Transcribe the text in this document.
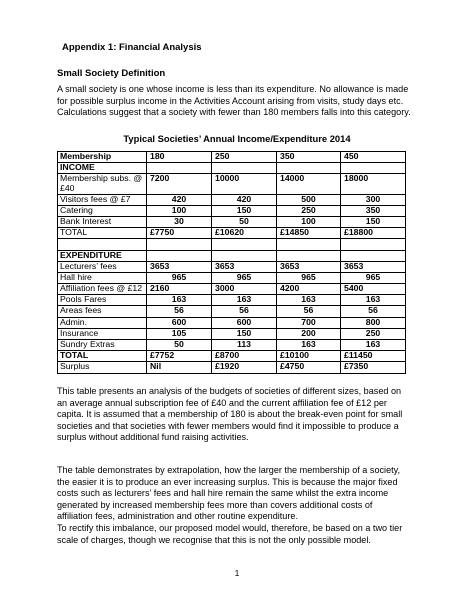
Appendix 1: Financial Analysis
Small Society Definition

A small society is one whose income is less than its expenditure. No allowance is made for possible surplus income in the Activities Account arising from visits, study days etc. Calculations suggest that a society with fewer than 180 members falls into this category.

Typical Societies’ Annual Income/Expenditure 2014
Membership	180	250	350	450
INCOME				
Membership subs. @ £40	7200	10000	14000	18000
Visitors fees @ £7	420	420	500	300
Catering	100	150	250	350
Bank Interest	30	50	100	150
TOTAL	£7750	£10620	£14850	£18800

EXPENDITURE				
Lecturers’ fees	3653	3653	3653	3653
Hall hire	965	965	965	965
Affiliation fees @ £12	2160	3000	4200	5400
Pools Fares	163	163	163	163
Areas fees	56	56	56	56
Admin.	600	600	700	800
Insurance	105	150	200	250
Sundry Extras	50	113	163	163
TOTAL	£7752	£8700	£10100	£11450
Surplus	Nil	£1920	£4750	£7350

This table presents an analysis of the budgets of societies of different sizes, based on an average annual subscription fee of £40 and the current affiliation fee of £12 per capita. It is assumed that a membership of 180 is about the break-even point for small societies and that societies with fewer members would find it impossible to produce a surplus without additional fund raising activities.

The table demonstrates by extrapolation, how the larger the membership of a society, the easier it is to produce an ever increasing surplus. This is because the major fixed costs such as lecturers’ fees and hall hire remain the same whilst the extra income generated by increased membership fees more than covers additional costs of affiliation fees, administration and other routine expenditure.

To rectify this imbalance, our proposed model would, therefore, be based on a two tier scale of charges, though we recognise that this is not the only possible model.

1
